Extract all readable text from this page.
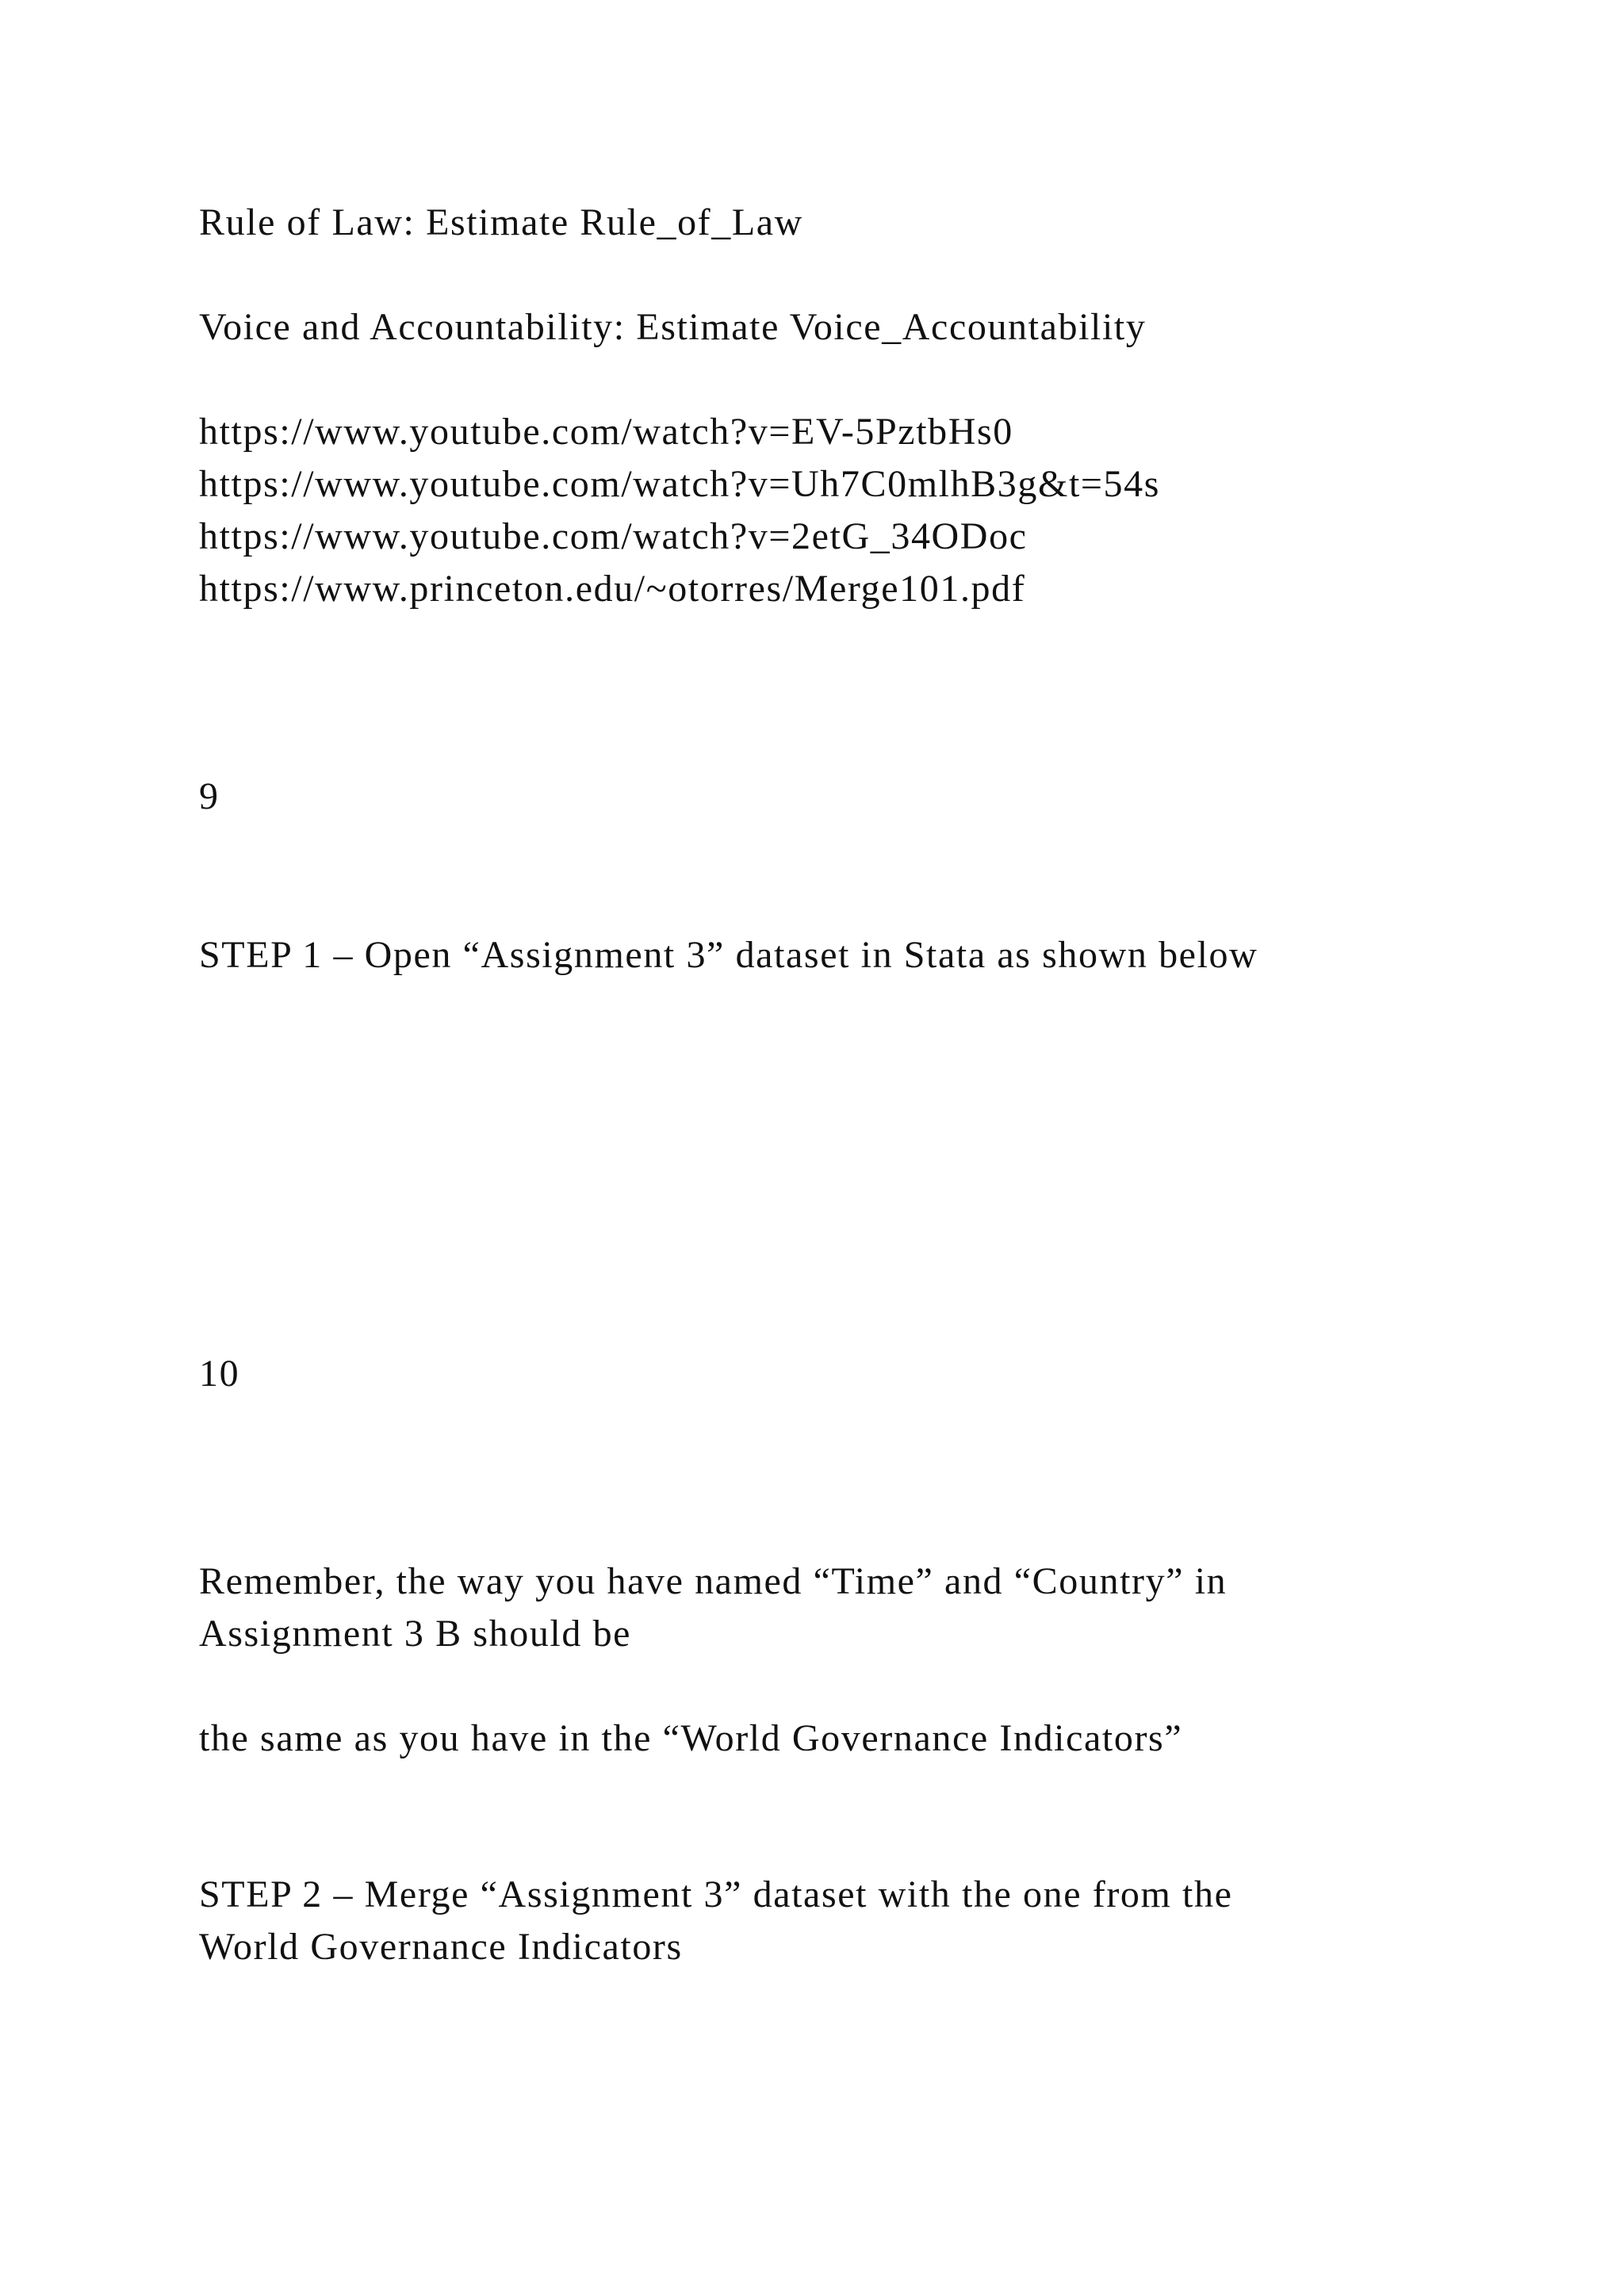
Rule of Law: Estimate Rule_of_Law
Voice and Accountability: Estimate Voice_Accountability
https://www.youtube.com/watch?v=EV-5PztbHs0
https://www.youtube.com/watch?v=Uh7C0mlhB3g&t=54s
https://www.youtube.com/watch?v=2etG_34ODoc
https://www.princeton.edu/~otorres/Merge101.pdf
9
STEP 1 – Open “Assignment 3” dataset in Stata as shown below
10
Remember, the way you have named “Time” and “Country” in
Assignment 3 B should be
the same as you have in the “World Governance Indicators”
STEP 2 – Merge “Assignment 3” dataset with the one from the
World Governance Indicators
